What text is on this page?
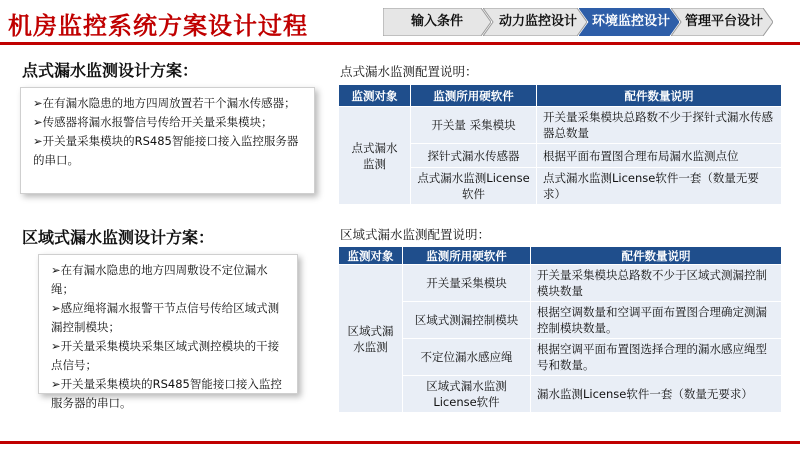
机房监控系统方案设计过程	输入条件	动力监控设计	环境监控设计	管理平台设计
点式漏水监测设计方案：
➢在有漏水隐患的地方四周放置若干个漏水传感器；
➢传感器将漏水报警信号传给开关量采集模块；
➢开关量采集模块的RS485智能接口接入监控服务器的串口。
点式漏水监测配置说明：
监测对象	监测所用硬软件	配件数量说明
点式漏水监测	开关量 采集模块	开关量采集模块总路数不少于探针式漏水传感器总数量
	探针式漏水传感器	根据平面布置图合理布局漏水监测点位
	点式漏水监测License软件	点式漏水监测License软件一套（数量无要求）
区域式漏水监测设计方案：
➢在有漏水隐患的地方四周敷设不定位漏水绳；
➢感应绳将漏水报警干节点信号传给区域式测漏控制模块；
➢开关量采集模块采集区域式测控模块的干接点信号；
➢开关量采集模块的RS485智能接口接入监控服务器的串口。
区域式漏水监测配置说明：
监测对象	监测所用硬软件	配件数量说明
区域式漏水监测	开关量采集模块	开关量采集模块总路数不少于区域式测漏控制模块数量
	区域式测漏控制模块	根据空调数量和空调平面布置图合理确定测漏控制模块数量。
	不定位漏水感应绳	根据空调平面布置图选择合理的漏水感应绳型号和数量。
	区域式漏水监测License软件	漏水监测License软件一套（数量无要求）
